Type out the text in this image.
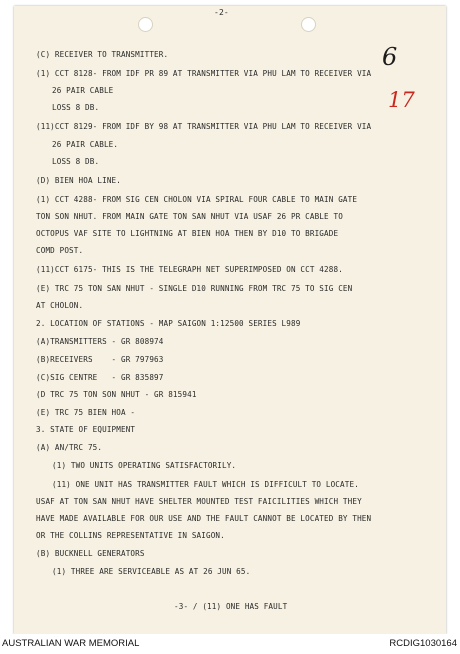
-2-
6
17
(C) RECEIVER TO TRANSMITTER.
(1) CCT 8128- FROM IDF PR 89 AT TRANSMITTER VIA PHU LAM TO RECEIVER VIA
26 PAIR CABLE
LOSS 8 DB.
(11)CCT 8129- FROM IDF BY 98 AT TRANSMITTER VIA PHU LAM TO RECEIVER VIA
26 PAIR CABLE.
LOSS 8 DB.
(D) BIEN HOA LINE.
(1) CCT 4288- FROM SIG CEN CHOLON VIA SPIRAL FOUR CABLE TO MAIN GATE
TON SON NHUT. FROM MAIN GATE TON SAN NHUT VIA USAF 26 PR CABLE TO
OCTOPUS VAF SITE TO LIGHTNING AT BIEN HOA THEN BY D10 TO BRIGADE
COMD POST.
(11)CCT 6175- THIS IS THE TELEGRAPH NET SUPERIMPOSED ON CCT 4288.
(E) TRC 75 TON SAN NHUT - SINGLE D10 RUNNING FROM TRC 75 TO SIG CEN
AT CHOLON.
2. LOCATION OF STATIONS - MAP SAIGON 1:12500 SERIES L989
(A)TRANSMITTERS - GR 808974
(B)RECEIVERS    - GR 797963
(C)SIG CENTRE   - GR 835897
(D TRC 75 TON SON NHUT - GR 815941
(E) TRC 75 BIEN HOA -
3. STATE OF EQUIPMENT
(A) AN/TRC 75.
(1) TWO UNITS OPERATING SATISFACTORILY.
(11) ONE UNIT HAS TRANSMITTER FAULT WHICH IS DIFFICULT TO LOCATE.
USAF AT TON SAN NHUT HAVE SHELTER MOUNTED TEST FAICILITIES WHICH THEY
HAVE MADE AVAILABLE FOR OUR USE AND THE FAULT CANNOT BE LOCATED BY THEN
OR THE COLLINS REPRESENTATIVE IN SAIGON.
(B) BUCKNELL GENERATORS
(1) THREE ARE SERVICEABLE AS AT 26 JUN 65.
-3- / (11) ONE HAS FAULT
AUSTRALIAN WAR MEMORIAL	RCDIG1030164
